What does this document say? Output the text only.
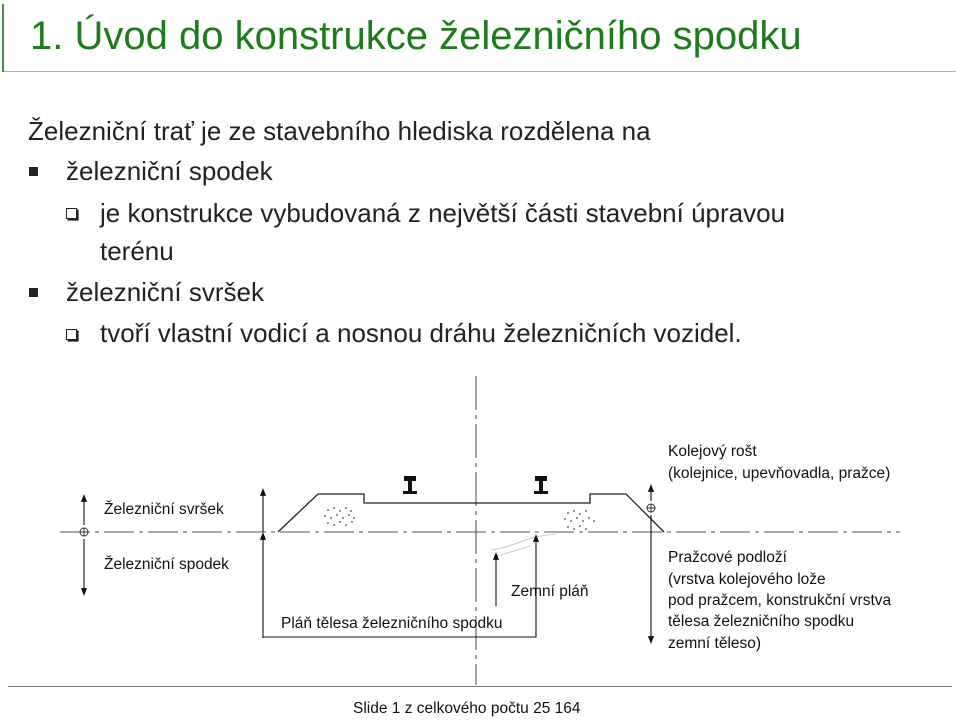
1. Úvod do konstrukce železničního spodku
Železniční trať je ze stavebního hlediska rozdělena na
železniční spodek
je konstrukce vybudovaná z největší části stavební úpravou
terénu
železniční svršek
tvoří vlastní vodicí a nosnou dráhu železničních vozidel.
Železniční svršek
Železniční spodek
Pláň tělesa železničního spodku
Zemní pláň
Kolejový rošt
(kolejnice, upevňovadla, pražce)
Pražcové podloží
(vrstva kolejového lože
pod pražcem, konstrukční vrstva
tělesa železničního spodku
zemní těleso)
Slide 1 z celkového počtu 25 164
